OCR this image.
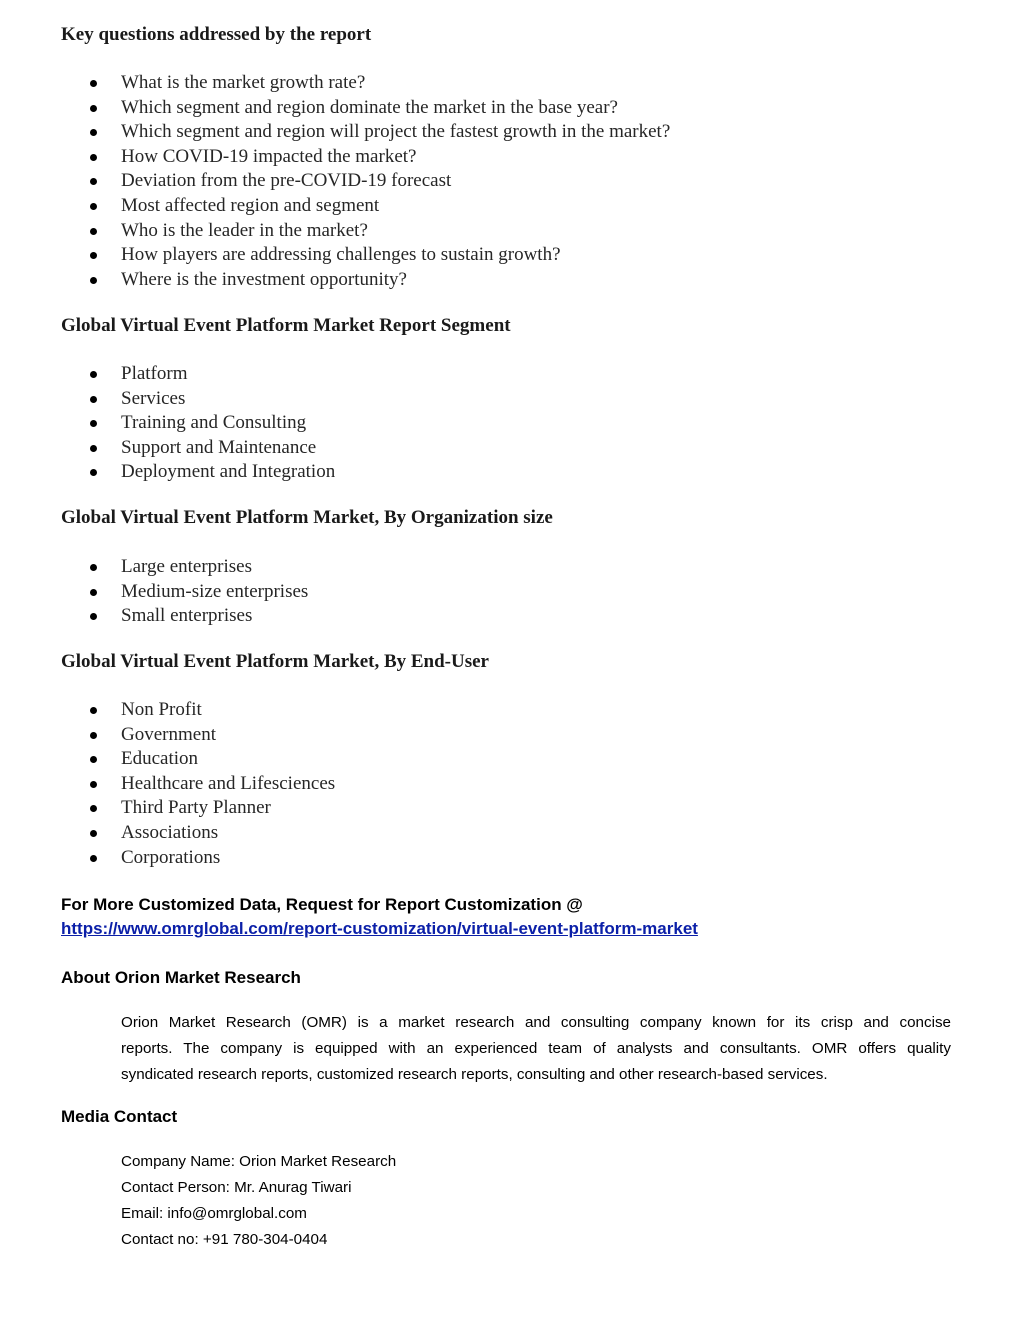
Key questions addressed by the report
What is the market growth rate?
Which segment and region dominate the market in the base year?
Which segment and region will project the fastest growth in the market?
How COVID-19 impacted the market?
Deviation from the pre-COVID-19 forecast
Most affected region and segment
Who is the leader in the market?
How players are addressing challenges to sustain growth?
Where is the investment opportunity?
Global Virtual Event Platform Market Report Segment
Platform
Services
Training and Consulting
Support and Maintenance
Deployment and Integration
Global Virtual Event Platform Market, By Organization size
Large enterprises
Medium-size enterprises
Small enterprises
Global Virtual Event Platform Market, By End-User
Non Profit
Government
Education
Healthcare and Lifesciences
Third Party Planner
Associations
Corporations
For More Customized Data, Request for Report Customization @
https://www.omrglobal.com/report-customization/virtual-event-platform-market
About Orion Market Research
Orion Market Research (OMR) is a market research and consulting company known for its crisp and concise
reports. The company is equipped with an experienced team of analysts and consultants. OMR offers quality
syndicated research reports, customized research reports, consulting and other research-based services.
Media Contact
Company Name: Orion Market Research
Contact Person: Mr. Anurag Tiwari
Email: info@omrglobal.com
Contact no: +91 780-304-0404
